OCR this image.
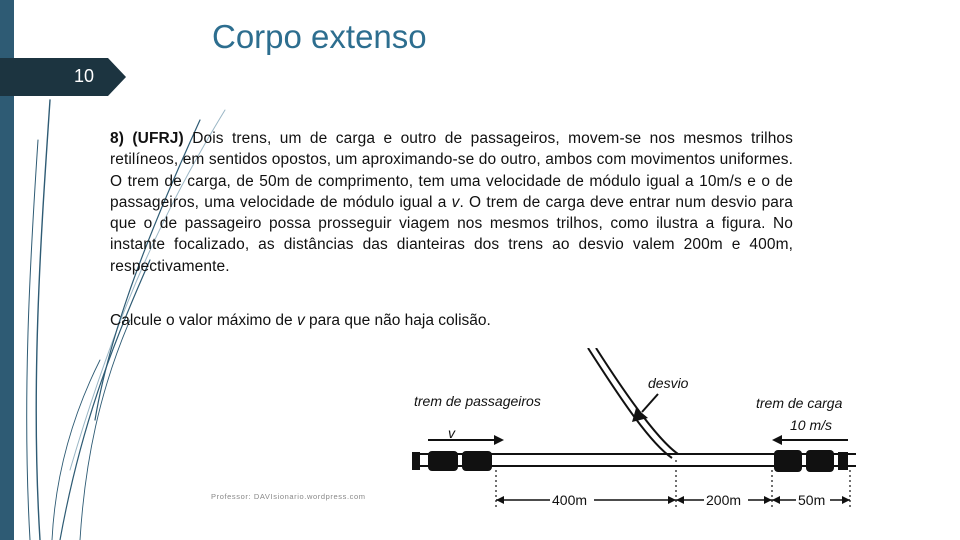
Corpo extenso
10

8) (UFRJ) Dois trens, um de carga e outro de passageiros, movem-se nos mesmos trilhos retilíneos, em sentidos opostos, um aproximando-se do outro, ambos com movimentos uniformes. O trem de carga, de 50m de comprimento, tem uma velocidade de módulo igual a 10m/s e o de passageiros, uma velocidade de módulo igual a v. O trem de carga deve entrar num desvio para que o de passageiro possa prosseguir viagem nos mesmos trilhos, como ilustra a figura. No instante focalizado, as distâncias das dianteiras dos trens ao desvio valem 200m e 400m, respectivamente.

Calcule o valor máximo de v para que não haja colisão.

trem de passageiros
v
desvio
trem de carga
10 m/s
400m	200m	50m
Professor: DAVIsionario.wordpress.com
